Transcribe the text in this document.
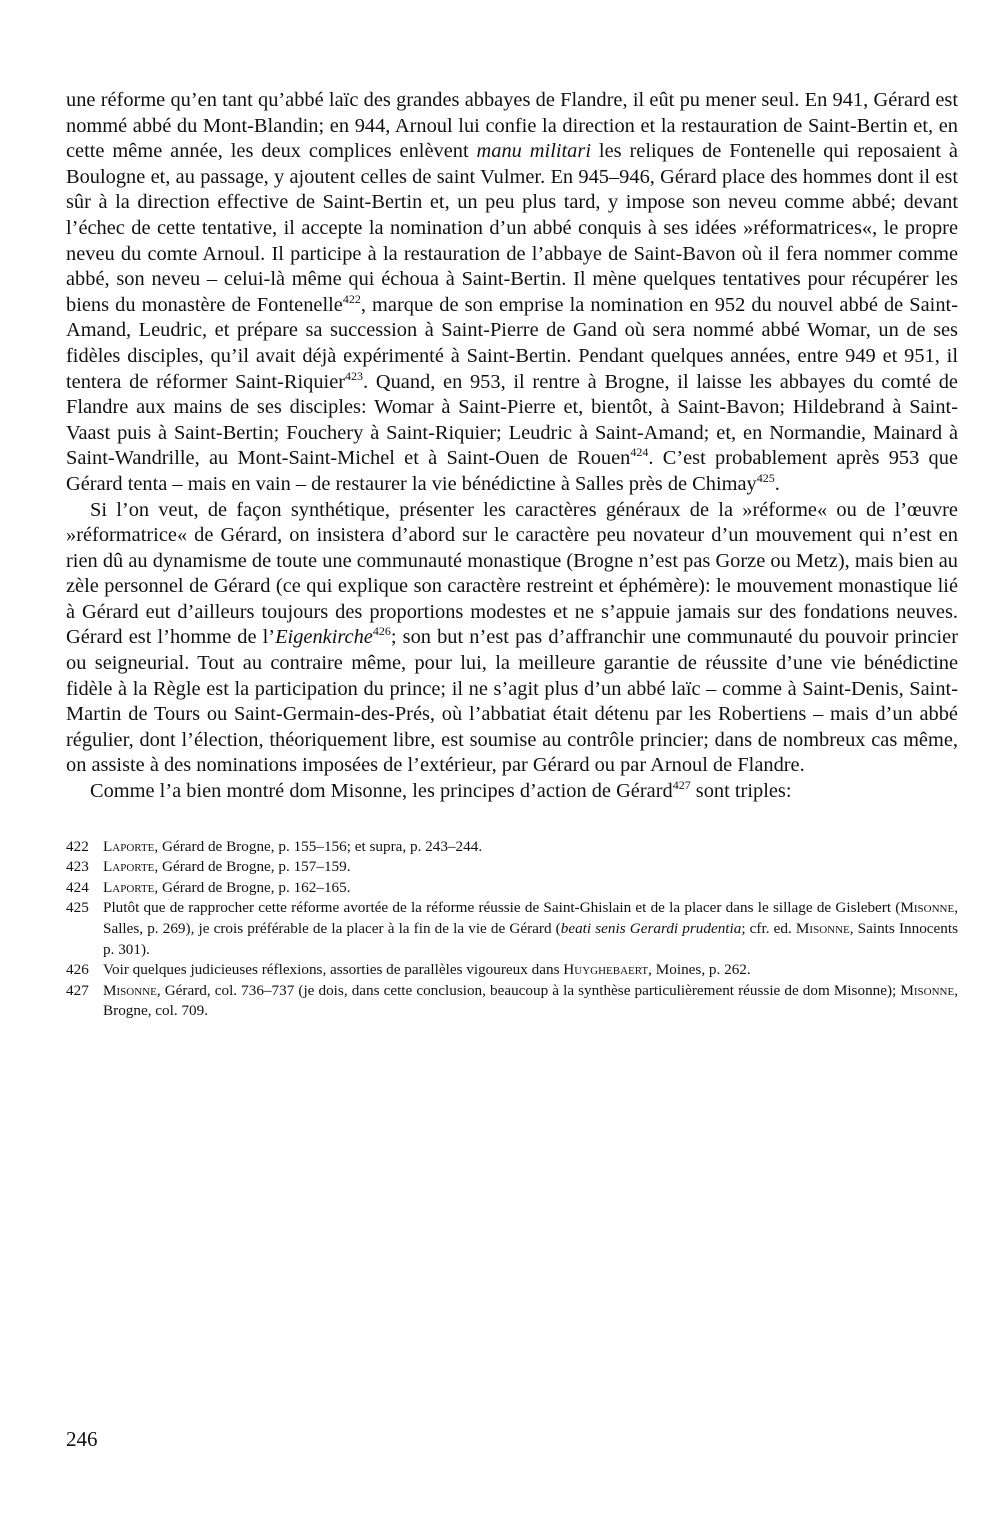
une réforme qu’en tant qu’abbé laïc des grandes abbayes de Flandre, il eût pu mener seul. En 941, Gérard est nommé abbé du Mont-Blandin; en 944, Arnoul lui confie la direction et la restauration de Saint-Bertin et, en cette même année, les deux complices enlèvent manu militari les reliques de Fontenelle qui reposaient à Boulogne et, au passage, y ajoutent celles de saint Vulmer. En 945–946, Gérard place des hommes dont il est sûr à la direction effective de Saint-Bertin et, un peu plus tard, y impose son neveu comme abbé; devant l’échec de cette tentative, il accepte la nomination d’un abbé conquis à ses idées »réformatrices«, le propre neveu du comte Arnoul. Il participe à la restauration de l’abbaye de Saint-Bavon où il fera nommer comme abbé, son neveu – celui-là même qui échoua à Saint-Bertin. Il mène quelques tentatives pour récupérer les biens du monastère de Fontenelle$^{422}$, marque de son emprise la nomination en 952 du nouvel abbé de Saint-Amand, Leudric, et prépare sa succession à Saint-Pierre de Gand où sera nommé abbé Womar, un de ses fidèles disciples, qu’il avait déjà expérimenté à Saint-Bertin. Pendant quelques années, entre 949 et 951, il tentera de réformer Saint-Riquier$^{423}$. Quand, en 953, il rentre à Brogne, il laisse les abbayes du comté de Flandre aux mains de ses disciples: Womar à Saint-Pierre et, bientôt, à Saint-Bavon; Hildebrand à Saint-Vaast puis à Saint-Bertin; Fouchery à Saint-Riquier; Leudric à Saint-Amand; et, en Normandie, Mainard à Saint-Wandrille, au Mont-Saint-Michel et à Saint-Ouen de Rouen$^{424}$. C’est probablement après 953 que Gérard tenta – mais en vain – de restaurer la vie bénédictine à Salles près de Chimay$^{425}$.

Si l’on veut, de façon synthétique, présenter les caractères généraux de la »réforme« ou de l’œuvre »réformatrice« de Gérard, on insistera d’abord sur le caractère peu novateur d’un mouvement qui n’est en rien dû au dynamisme de toute une communauté monastique (Brogne n’est pas Gorze ou Metz), mais bien au zèle personnel de Gérard (ce qui explique son caractère restreint et éphémère): le mouvement monastique lié à Gérard eut d’ailleurs toujours des proportions modestes et ne s’appuie jamais sur des fondations neuves. Gérard est l’homme de l’Eigenkirche$^{426}$; son but n’est pas d’affranchir une communauté du pouvoir princier ou seigneurial. Tout au contraire même, pour lui, la meilleure garantie de réussite d’une vie bénédictine fidèle à la Règle est la participation du prince; il ne s’agit plus d’un abbé laïc – comme à Saint-Denis, Saint-Martin de Tours ou Saint-Germain-des-Prés, où l’abbatiat était détenu par les Robertiens – mais d’un abbé régulier, dont l’élection, théoriquement libre, est soumise au contrôle princier; dans de nombreux cas même, on assiste à des nominations imposées de l’extérieur, par Gérard ou par Arnoul de Flandre.

Comme l’a bien montré dom Misonne, les principes d’action de Gérard$^{427}$ sont triples:

422 Laporte, Gérard de Brogne, p. 155–156; et supra, p. 243–244.
423 Laporte, Gérard de Brogne, p. 157–159.
424 Laporte, Gérard de Brogne, p. 162–165.
425 Plutôt que de rapprocher cette réforme avortée de la réforme réussie de Saint-Ghislain et de la placer dans le sillage de Gislebert (Misonne, Salles, p. 269), je crois préférable de la placer à la fin de la vie de Gérard (beati senis Gerardi prudentia; cfr. ed. Misonne, Saints Innocents p. 301).
426 Voir quelques judicieuses réflexions, assorties de parallèles vigoureux dans Huyghebaert, Moines, p. 262.
427 Misonne, Gérard, col. 736–737 (je dois, dans cette conclusion, beaucoup à la synthèse particulièrement réussie de dom Misonne); Misonne, Brogne, col. 709.
246
